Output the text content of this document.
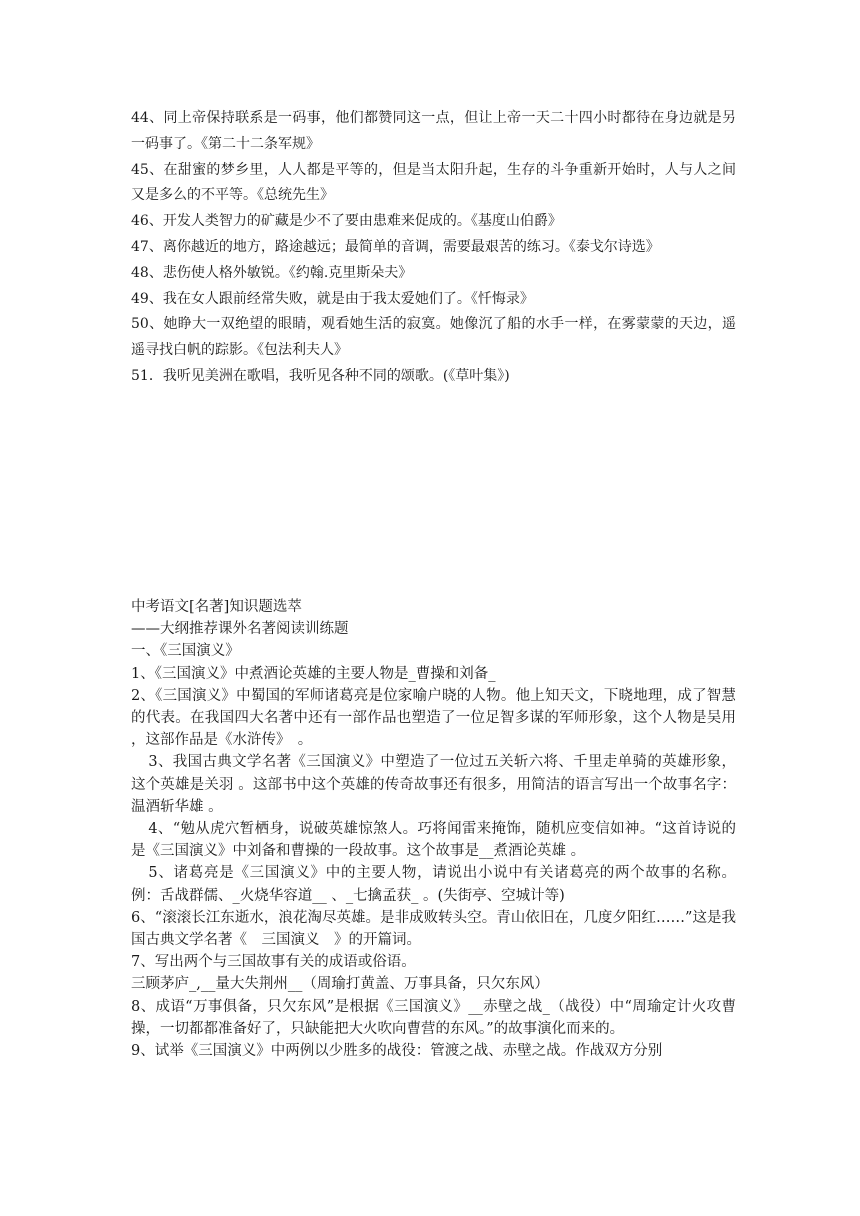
44、同上帝保持联系是一码事，他们都赞同这一点，但让上帝一天二十四小时都待在身边就是另一码事了。《第二十二条军规》

45、在甜蜜的梦乡里，人人都是平等的，但是当太阳升起，生存的斗争重新开始时，人与人之间又是多么的不平等。《总统先生》

46、开发人类智力的矿藏是少不了要由患难来促成的。《基度山伯爵》

47、离你越近的地方，路途越远；最简单的音调，需要最艰苦的练习。《泰戈尔诗选》

48、悲伤使人格外敏锐。《约翰.克里斯朵夫》

49、我在女人跟前经常失败，就是由于我太爱她们了。《忏悔录》

50、她睁大一双绝望的眼睛，观看她生活的寂寞。她像沉了船的水手一样，在雾蒙蒙的天边，遥遥寻找白帆的踪影。《包法利夫人》

51．我听见美洲在歌唱，我听见各种不同的颂歌。(《草叶集》)

中考语文[名著]知识题选萃

——大纲推荐课外名著阅读训练题

一、《三国演义》

1、《三国演义》中煮酒论英雄的主要人物是_曹操和刘备_

2、《三国演义》中蜀国的军师诸葛亮是位家喻户晓的人物。他上知天文，下晓地理，成了智慧的代表。在我国四大名著中还有一部作品也塑造了一位足智多谋的军师形象，这个人物是吴用 ，这部作品是《水浒传》　。

3、我国古典文学名著《三国演义》中塑造了一位过五关斩六将、千里走单骑的英雄形象，这个英雄是关羽 。这部书中这个英雄的传奇故事还有很多，用简洁的语言写出一个故事名字：温酒斩华雄 。

4、“勉从虎穴暂栖身，说破英雄惊煞人。巧将闻雷来掩饰，随机应变信如神。“这首诗说的是《三国演义》中刘备和曹操的一段故事。这个故事是__煮酒论英雄 。

5、诸葛亮是《三国演义》中的主要人物，请说出小说中有关诸葛亮的两个故事的名称。例：舌战群儒、_火烧华容道__ 、_七擒孟获_ 。(失街亭、空城计等)

6、“滚滚长江东逝水，浪花淘尽英雄。是非成败转头空。青山依旧在，几度夕阳红……”这是我国古典文学名著《　三国演义　》的开篇词。

7、写出两个与三国故事有关的成语或俗语。

三顾茅庐_,__量大失荆州__（周瑜打黄盖、万事具备，只欠东风）

8、成语“万事俱备，只欠东风”是根据《三国演义》__赤壁之战_（战役）中“周瑜定计火攻曹操，一切都都准备好了，只缺能把大火吹向曹营的东风。”的故事演化而来的。

9、试举《三国演义》中两例以少胜多的战役：管渡之战、赤壁之战。作战双方分别
